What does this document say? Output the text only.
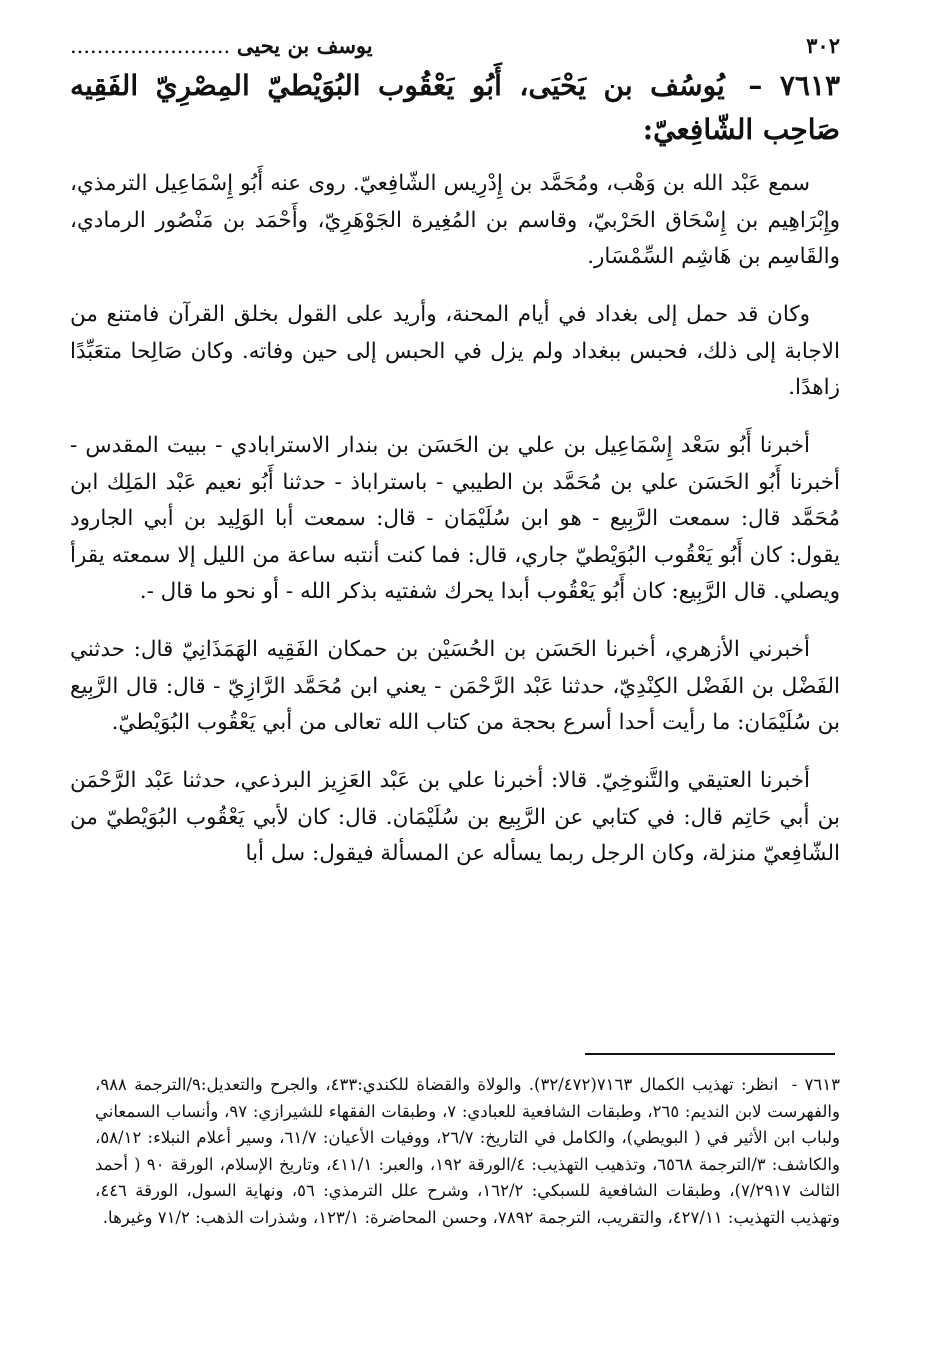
٣٠٢
يوسف بن يحيى .....
٧٦١٣ – يُوسُف بن يَحْيَى، أَبُو يَعْقُوب البُوَيْطيّ المِصْرِيّ الفَقِيه صَاحِب الشّافِعيّ:

سمع عَبْد الله بن وَهْب، ومُحَمَّد بن إِدْرِيس الشّافِعيّ. روى عنه أَبُو إِسْمَاعِيل الترمذي، وإِبْرَاهِيم بن إِسْحَاق الحَرْبيّ، وقاسم بن المُغِيرة الجَوْهَرِيّ، وأَحْمَد بن مَنْصُور الرمادي، والقَاسِم بن هَاشِم السِّمْسَار.

وكان قد حمل إلى بغداد في أيام المحنة، وأريد على القول بخلق القرآن فامتنع من الاجابة إلى ذلك، فحبس ببغداد ولم يزل في الحبس إلى حين وفاته. وكان صَالِحا متعَبِّدًا زاهدًا.

أخبرنا أَبُو سَعْد إِسْمَاعِيل بن علي بن الحَسَن بن بندار الاسترابادي - ببيت المقدس - أخبرنا أَبُو الحَسَن علي بن مُحَمَّد بن الطيبي - باستراباذ - حدثنا أَبُو نعيم عَبْد المَلِك ابن مُحَمَّد قال: سمعت الرَّبِيع - هو ابن سُلَيْمَان - قال: سمعت أبا الوَلِيد بن أبي الجارود يقول: كان أَبُو يَعْقُوب البُوَيْطيّ جاري، قال: فما كنت أنتبه ساعة من الليل إلا سمعته يقرأ ويصلي. قال الرَّبِيع: كان أَبُو يَعْقُوب أبدا يحرك شفتيه بذكر الله - أو نحو ما قال -.

أخبرني الأزهري، أخبرنا الحَسَن بن الحُسَيْن بن حمكان الفَقِيه الهَمَذَانِيّ قال: حدثني الفَضْل بن الفَضْل الكِنْدِيّ، حدثنا عَبْد الرَّحْمَن - يعني ابن مُحَمَّد الرَّازِيّ - قال: قال الرَّبِيع بن سُلَيْمَان: ما رأيت أحدا أسرع بحجة من كتاب الله تعالى من أبي يَعْقُوب البُوَيْطيّ.

أخبرنا العتيقي والتَّنوخِيّ. قالا: أخبرنا علي بن عَبْد العَزِيز البرذعي، حدثنا عَبْد الرَّحْمَن بن أبي حَاتِم قال: في كتابي عن الرَّبِيع بن سُلَيْمَان. قال: كان لأبي يَعْقُوب البُوَيْطيّ من الشّافِعيّ منزلة، وكان الرجل ربما يسأله عن المسألة فيقول: سل أبا

٧٦١٣ - انظر: تهذيب الكمال ٧١٦٣(٣٢/٤٧٢). والولاة والقضاة للكندي:٤٣٣، والجرح والتعديل:٩/الترجمة ٩٨٨، والفهرست لابن النديم: ٢٦٥، وطبقات الشافعية للعبادي: ٧، وطبقات الفقهاء للشيرازي: ٩٧، وأنساب السمعاني ولباب ابن الأثير في ( البويطي)، والكامل في التاريخ: ٢٦/٧، ووفيات الأعيان: ٦١/٧، وسير أعلام النبلاء: ٥٨/١٢، والكاشف: ٣/الترجمة ٦٥٦٨، وتذهيب التهذيب: ٤/الورقة ١٩٢، والعبر: ٤١١/١، وتاريخ الإسلام، الورقة ٩٠ ( أحمد الثالث ٧/٢٩١٧)، وطبقات الشافعية للسبكي: ١٦٢/٢، وشرح علل الترمذي: ٥٦، ونهاية السول، الورقة ٤٤٦، وتهذيب التهذيب: ٤٢٧/١١، والتقريب، الترجمة ٧٨٩٢، وحسن المحاضرة: ١٢٣/١، وشذرات الذهب: ٧١/٢ وغيرها.
